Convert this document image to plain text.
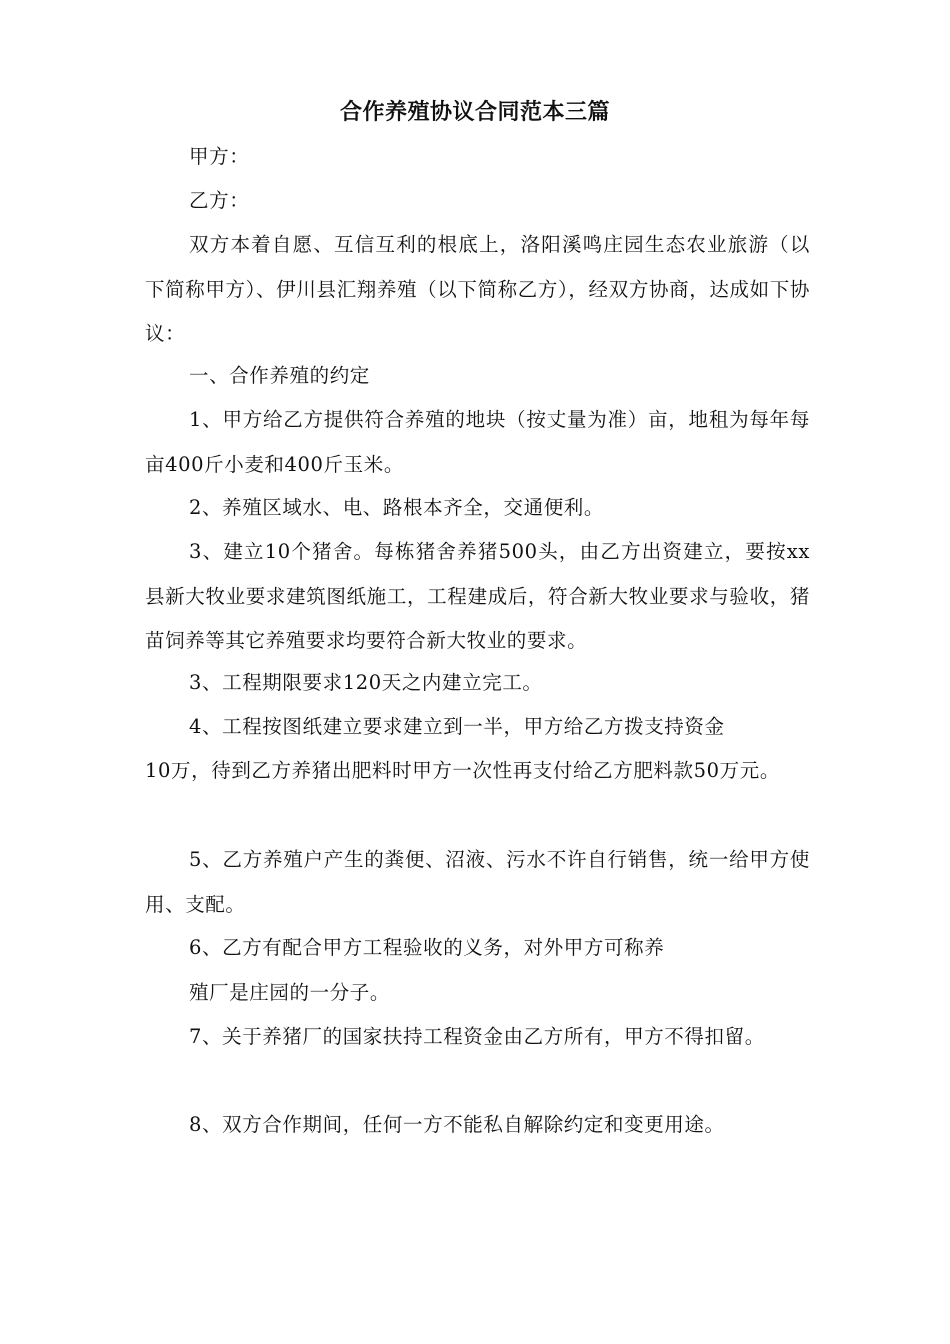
合作养殖协议合同范本三篇
甲方：
乙方：
双方本着自愿、互信互利的根底上，洛阳溪鸣庄园生态农业旅游（以下简称甲方）、伊川县汇翔养殖（以下简称乙方），经双方协商，达成如下协议：
一、合作养殖的约定
1、甲方给乙方提供符合养殖的地块（按丈量为准）亩，地租为每年每亩400斤小麦和400斤玉米。
2、养殖区域水、电、路根本齐全，交通便利。
3、建立10个猪舍。每栋猪舍养猪500头，由乙方出资建立，要按xx县新大牧业要求建筑图纸施工，工程建成后，符合新大牧业要求与验收，猪苗饲养等其它养殖要求均要符合新大牧业的要求。
3、工程期限要求120天之内建立完工。
4、工程按图纸建立要求建立到一半，甲方给乙方拨支持资金
10万，待到乙方养猪出肥料时甲方一次性再支付给乙方肥料款50万元。
5、乙方养殖户产生的粪便、沼液、污水不许自行销售，统一给甲方使用、支配。
6、乙方有配合甲方工程验收的义务，对外甲方可称养
殖厂是庄园的一分子。
7、关于养猪厂的国家扶持工程资金由乙方所有，甲方不得扣留。
8、双方合作期间，任何一方不能私自解除约定和变更用途。
